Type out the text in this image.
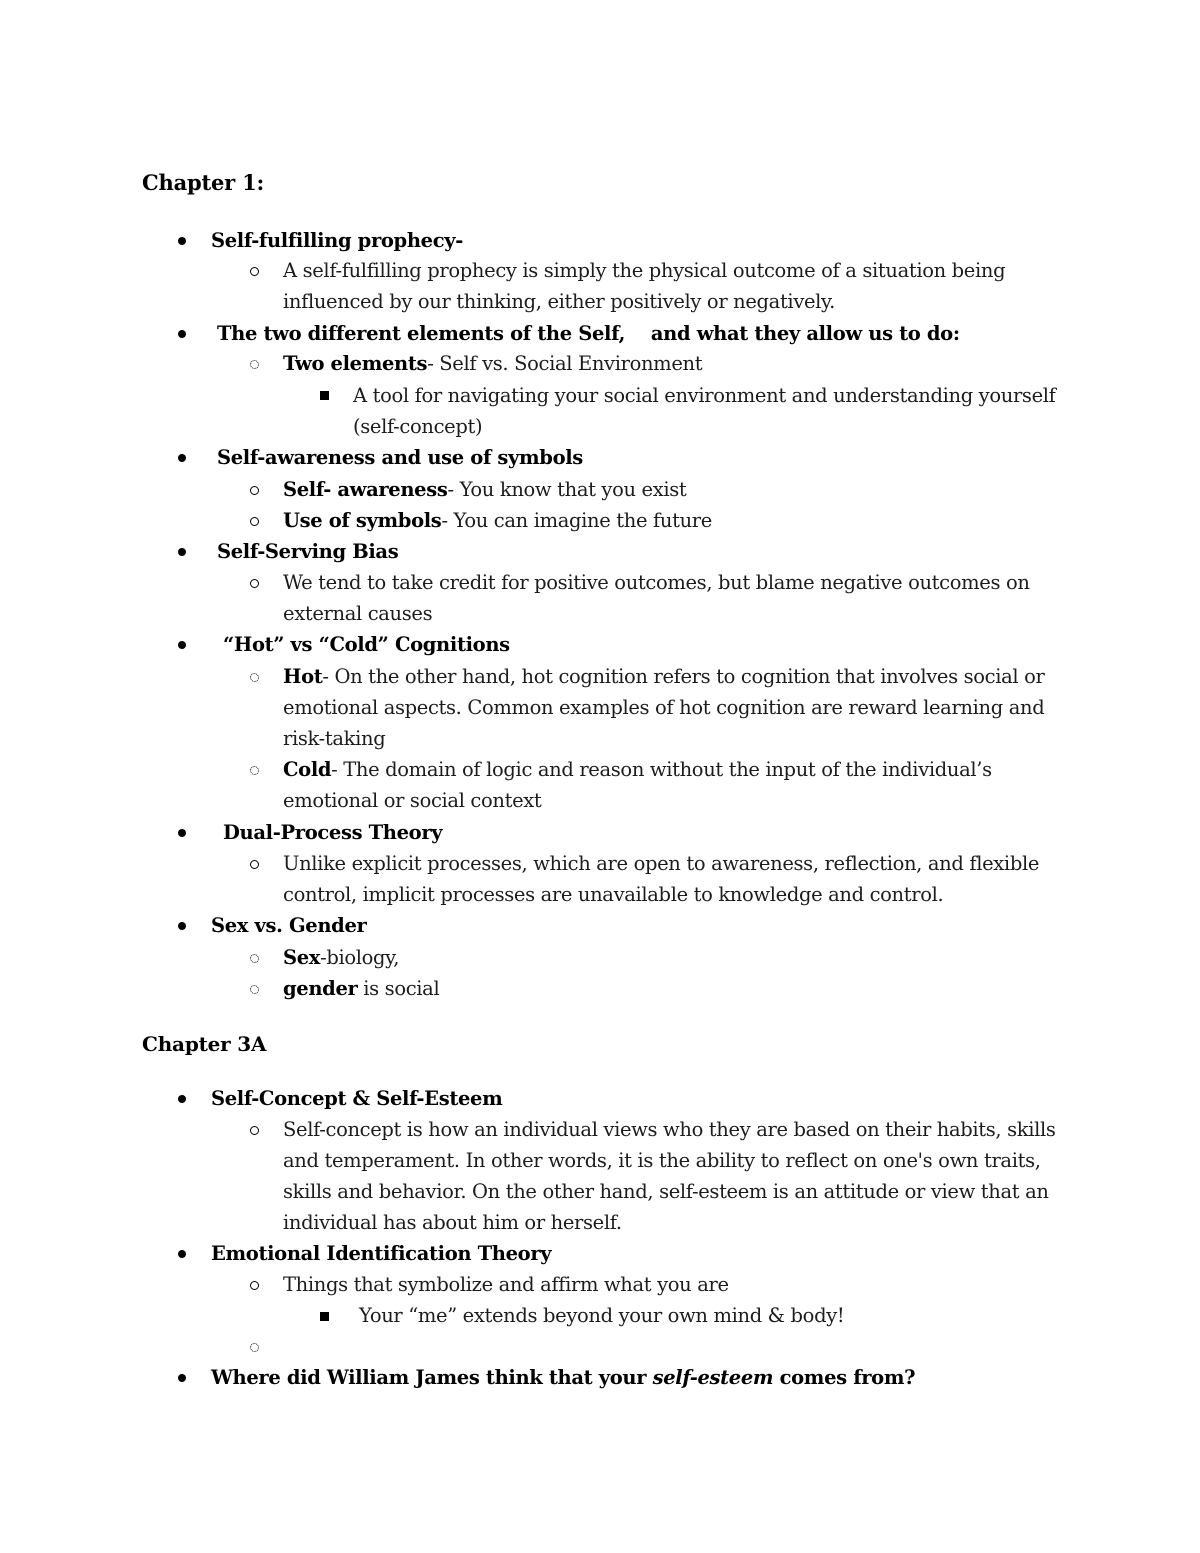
Chapter 1:
Self-fulfilling prophecy-
A self-fulfilling prophecy is simply the physical outcome of a situation being
influenced by our thinking, either positively or negatively.
The two different elements of the Self,    and what they allow us to do:
Two elements- Self vs. Social Environment
A tool for navigating your social environment and understanding yourself
(self-concept)
Self-awareness and use of symbols
Self- awareness- You know that you exist
Use of symbols- You can imagine the future
Self-Serving Bias
We tend to take credit for positive outcomes, but blame negative outcomes on
external causes
“Hot” vs “Cold” Cognitions
Hot- On the other hand, hot cognition refers to cognition that involves social or
emotional aspects. Common examples of hot cognition are reward learning and
risk-taking
Cold- The domain of logic and reason without the input of the individual’s
emotional or social context
Dual-Process Theory
Unlike explicit processes, which are open to awareness, reflection, and flexible
control, implicit processes are unavailable to knowledge and control.
Sex vs. Gender
Sex-biology,
gender is social
Chapter 3A
Self-Concept & Self-Esteem
Self-concept is how an individual views who they are based on their habits, skills
and temperament. In other words, it is the ability to reflect on one's own traits,
skills and behavior. On the other hand, self-esteem is an attitude or view that an
individual has about him or herself.
Emotional Identification Theory
Things that symbolize and affirm what you are
Your “me” extends beyond your own mind & body!
Where did William James think that your self-esteem comes from?
